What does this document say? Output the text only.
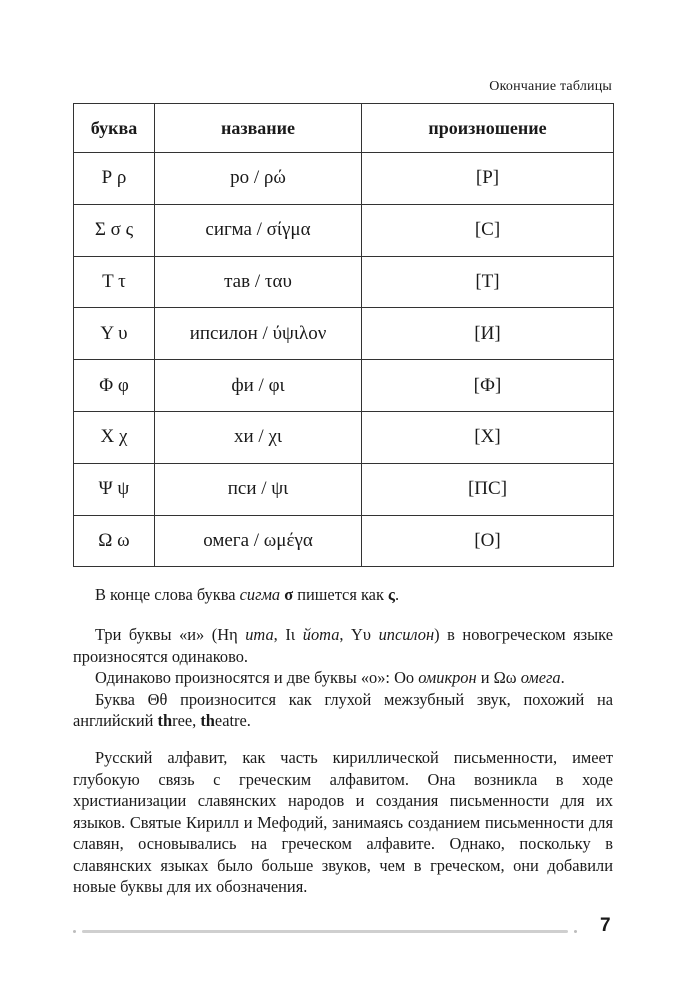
Окончание таблицы
буква	название	произношение
Ρ ρ	ро / ρώ	[Р]
Σ σ ς	сигма / σίγμα	[С]
Τ τ	тав / ταυ	[Т]
Υ υ	ипсилон / ύψιλον	[И]
Φ φ	фи / φι	[Ф]
Χ χ	хи / χι	[Х]
Ψ ψ	пси / ψι	[ПС]
Ω ω	омега / ωμέγα	[О]

В конце слова буква сигма σ пишется как ς.

Три буквы «и» (Ηη ита, Ιι йота, Υυ ипсилон) в новогреческом языке произносятся одинаково.

Одинаково произносятся и две буквы «о»: Οο омикрон и Ωω омега.

Буква Θθ произносится как глухой межзубный звук, похожий на английский three, theatre.

Русский алфавит, как часть кириллической письменности, имеет глубокую связь с греческим алфавитом. Она возникла в ходе христианизации славянских народов и создания письменности для их языков. Святые Кирилл и Мефодий, занимаясь созданием письменности для славян, основывались на греческом алфавите. Однако, поскольку в славянских языках было больше звуков, чем в греческом, они добавили новые буквы для их обозначения.

7
